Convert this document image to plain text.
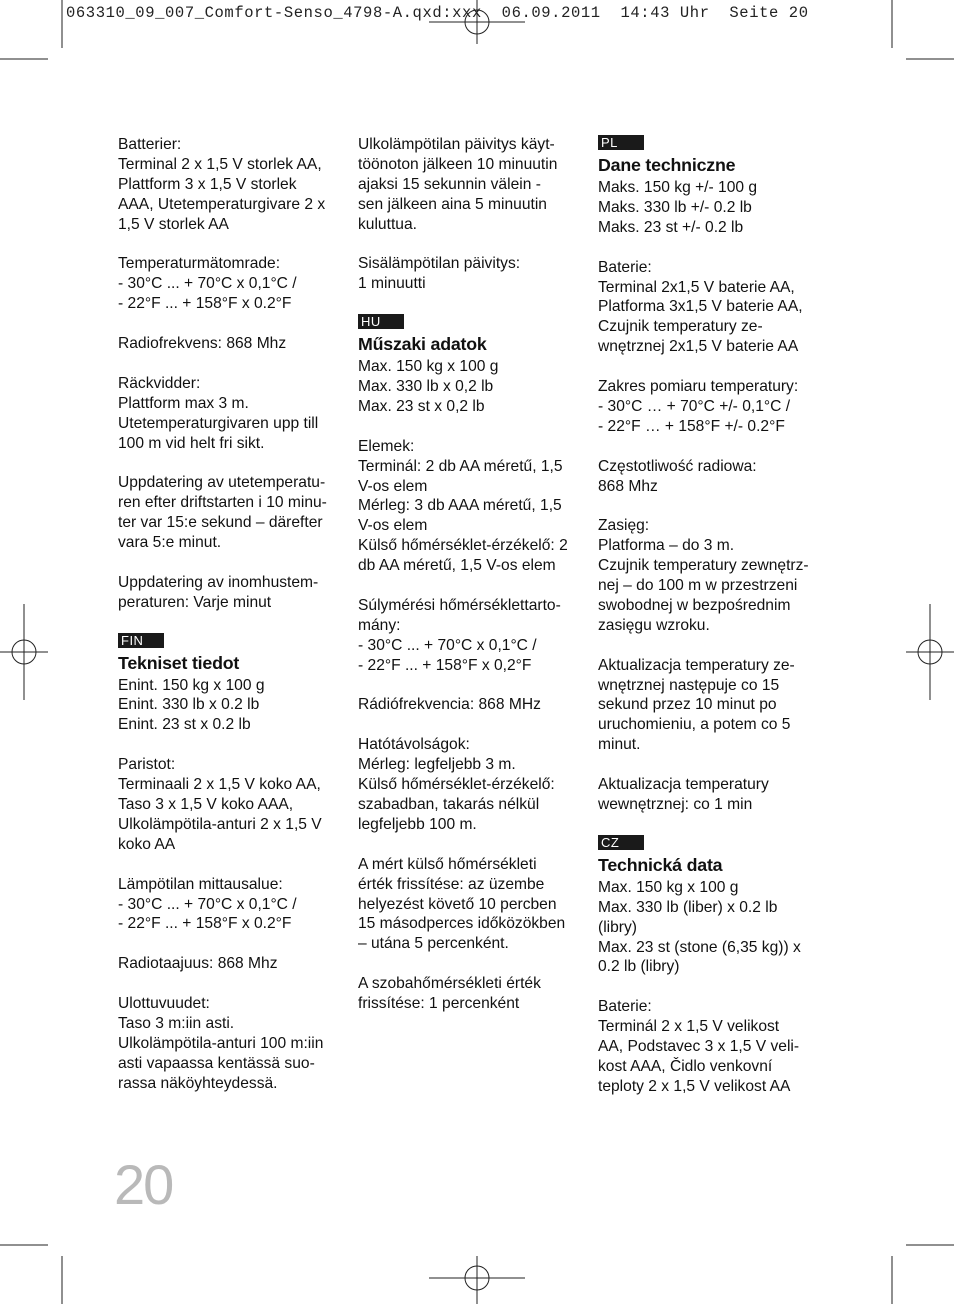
063310_09_007_Comfort-Senso_4798-A.qxd:xxx  06.09.2011  14:43 Uhr  Seite 20
Batterier:
Terminal 2 x 1,5 V storlek AA,
Plattform 3 x 1,5 V storlek
AAA, Utetemperaturgivare 2 x
1,5 V storlek AA
Temperaturmätomrade:
- 30°C ... + 70°C x 0,1°C /
- 22°F ... + 158°F x 0.2°F
Radiofrekvens: 868 Mhz
Räckvidder:
Plattform max 3 m.
Utetemperaturgivaren upp till
100 m vid helt fri sikt.
Uppdatering av utetemperatu-
ren efter driftstarten i 10 minu-
ter var 15:e sekund – därefter
vara 5:e minut.
Uppdatering av inomhustem-
peraturen: Varje minut
FIN
Tekniset tiedot
Enint. 150 kg x 100 g
Enint. 330 lb x 0.2 lb
Enint. 23 st x 0.2 lb
Paristot:
Terminaali 2 x 1,5 V koko AA,
Taso 3 x 1,5 V koko AAA,
Ulkolämpötila-anturi 2 x 1,5 V
koko AA
Lämpötilan mittausalue:
- 30°C ... + 70°C x 0,1°C /
- 22°F ... + 158°F x 0.2°F
Radiotaajuus: 868 Mhz
Ulottuvuudet:
Taso 3 m:iin asti.
Ulkolämpötila-anturi 100 m:iin
asti vapaassa kentässä suo-
rassa näköyhteydessä.
Ulkolämpötilan päivitys käyt-
töönoton jälkeen 10 minuutin
ajaksi 15 sekunnin välein -
sen jälkeen aina 5 minuutin
kuluttua.
Sisälämpötilan päivitys:
1 minuutti
HU
Műszaki adatok
Max. 150 kg x 100 g
Max. 330 lb x 0,2 lb
Max. 23 st x 0,2 lb
Elemek:
Terminál: 2 db AA méretű, 1,5
V-os elem
Mérleg: 3 db AAA méretű, 1,5
V-os elem
Külső hőmérséklet-érzékelő: 2
db AA méretű, 1,5 V-os elem
Súlymérési hőmérséklettarto-
mány:
- 30°C ... + 70°C x 0,1°C /
- 22°F ... + 158°F x 0,2°F
Rádiófrekvencia: 868 MHz
Hatótávolságok:
Mérleg: legfeljebb 3 m.
Külső hőmérséklet-érzékelő:
szabadban, takarás nélkül
legfeljebb 100 m.
A mért külső hőmérsékleti
érték frissítése: az üzembe
helyezést követő 10 percben
15 másodperces időközökben
– utána 5 percenként.
A szobahőmérsékleti érték
frissítése: 1 percenként
PL
Dane techniczne
Maks. 150 kg +/- 100 g
Maks. 330 lb +/- 0.2 lb
Maks. 23 st +/- 0.2 lb
Baterie:
Terminal 2x1,5 V baterie AA,
Platforma 3x1,5 V baterie AA,
Czujnik temperatury ze-
wnętrznej 2x1,5 V baterie AA
Zakres pomiaru temperatury:
- 30°C … + 70°C +/- 0,1°C /
- 22°F … + 158°F +/- 0.2°F
Częstotliwość radiowa:
868 Mhz
Zasięg:
Platforma – do 3 m.
Czujnik temperatury zewnętrz-
nej – do 100 m w przestrzeni
swobodnej w bezpośrednim
zasięgu wzroku.
Aktualizacja temperatury ze-
wnętrznej następuje co 15
sekund przez 10 minut po
uruchomieniu, a potem co 5
minut.
Aktualizacja temperatury
wewnętrznej: co 1 min
CZ
Technická data
Max. 150 kg x 100 g
Max. 330 lb (liber) x 0.2 lb
(libry)
Max. 23 st (stone (6,35 kg)) x
0.2 lb (libry)
Baterie:
Terminál 2 x 1,5 V velikost
AA, Podstavec 3 x 1,5 V veli-
kost AAA, Čidlo venkovní
teploty 2 x 1,5 V velikost AA
20
